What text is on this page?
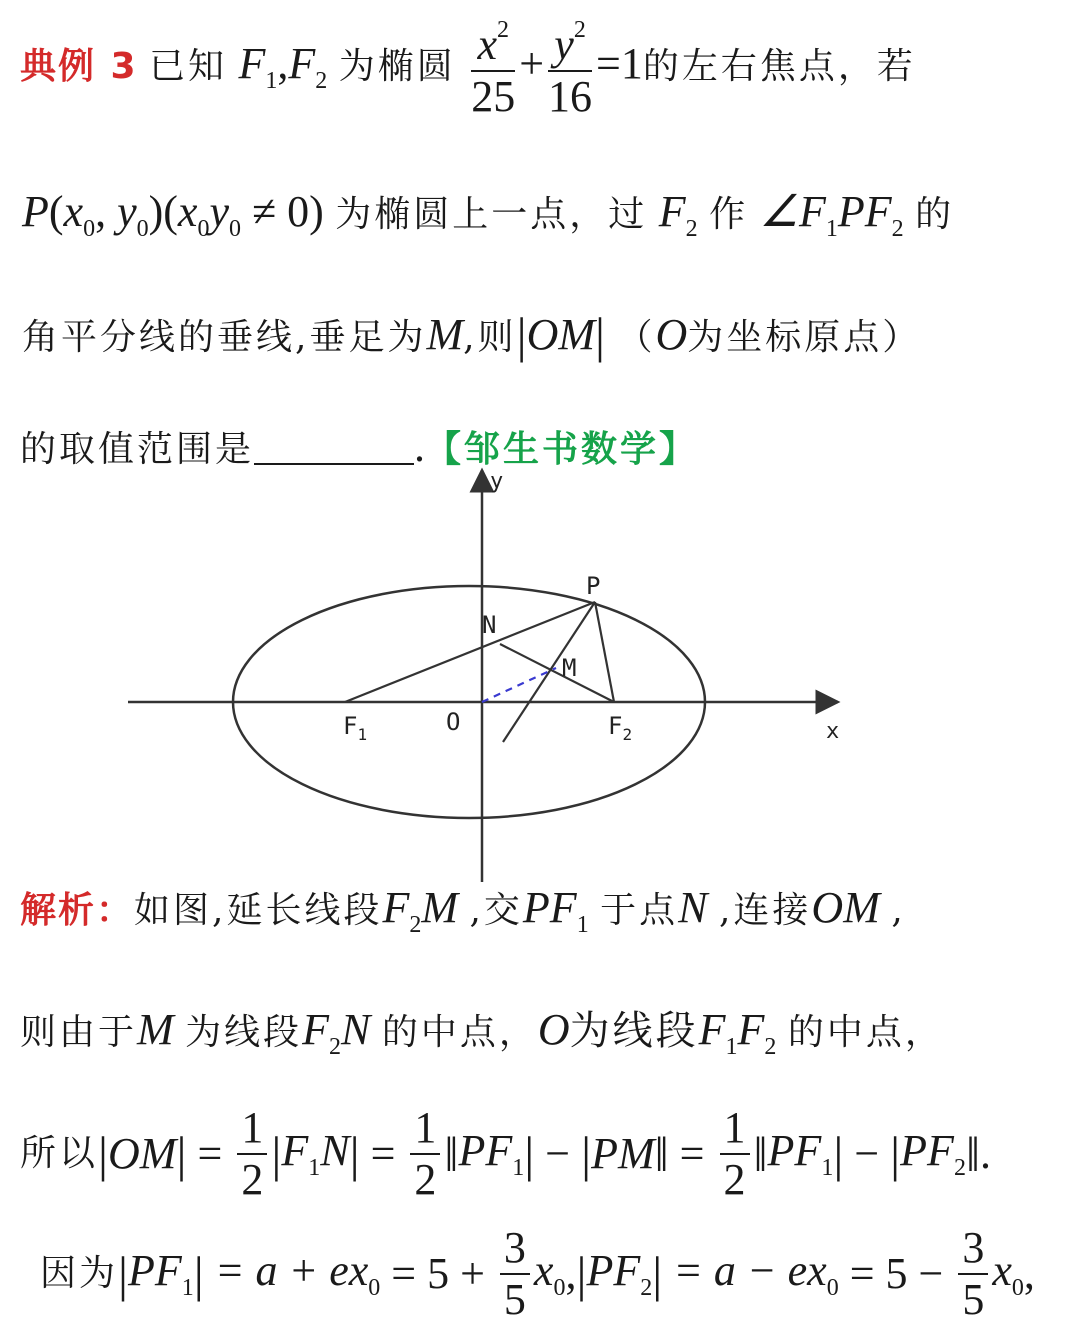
典例 3 已知 $F_1,F_2$ 为椭圆 $\frac{x^2}{25} + \frac{y^2}{16} =1$的左右焦点，若
$P(x_0$, $y_0)(x_0y_0 \ne 0)$ 为椭圆上一点，过 $F_2$ 作 $\angle F_1PF_2$ 的
角平分线的垂线,垂足为M,则|OM| （O为坐标原点）
的取值范围是	.【邹生书数学】
y
x
P
N
M
O
$F_1$	$F_2$
解析：如图,延长线段$F_2M$ ,交$PF_1$ 于点N ,连接OM ,
则由于M 为线段$F_2N$ 的中点，O为线段$F_1F_2$ 的中点，
所以$|OM| = \frac{1}{2} |F_1N| = \frac{1}{2}$ $‖PF_1|$ − |PM‖ = $\frac{1}{2}$ $‖PF_1|$ − $|PF_2‖$.
因为$|PF_1| = a + ex_0 = 5 + \frac{3}{5} x_0,|PF_2| = a - ex_0 = 5 - \frac{3}{5} x_0$,
